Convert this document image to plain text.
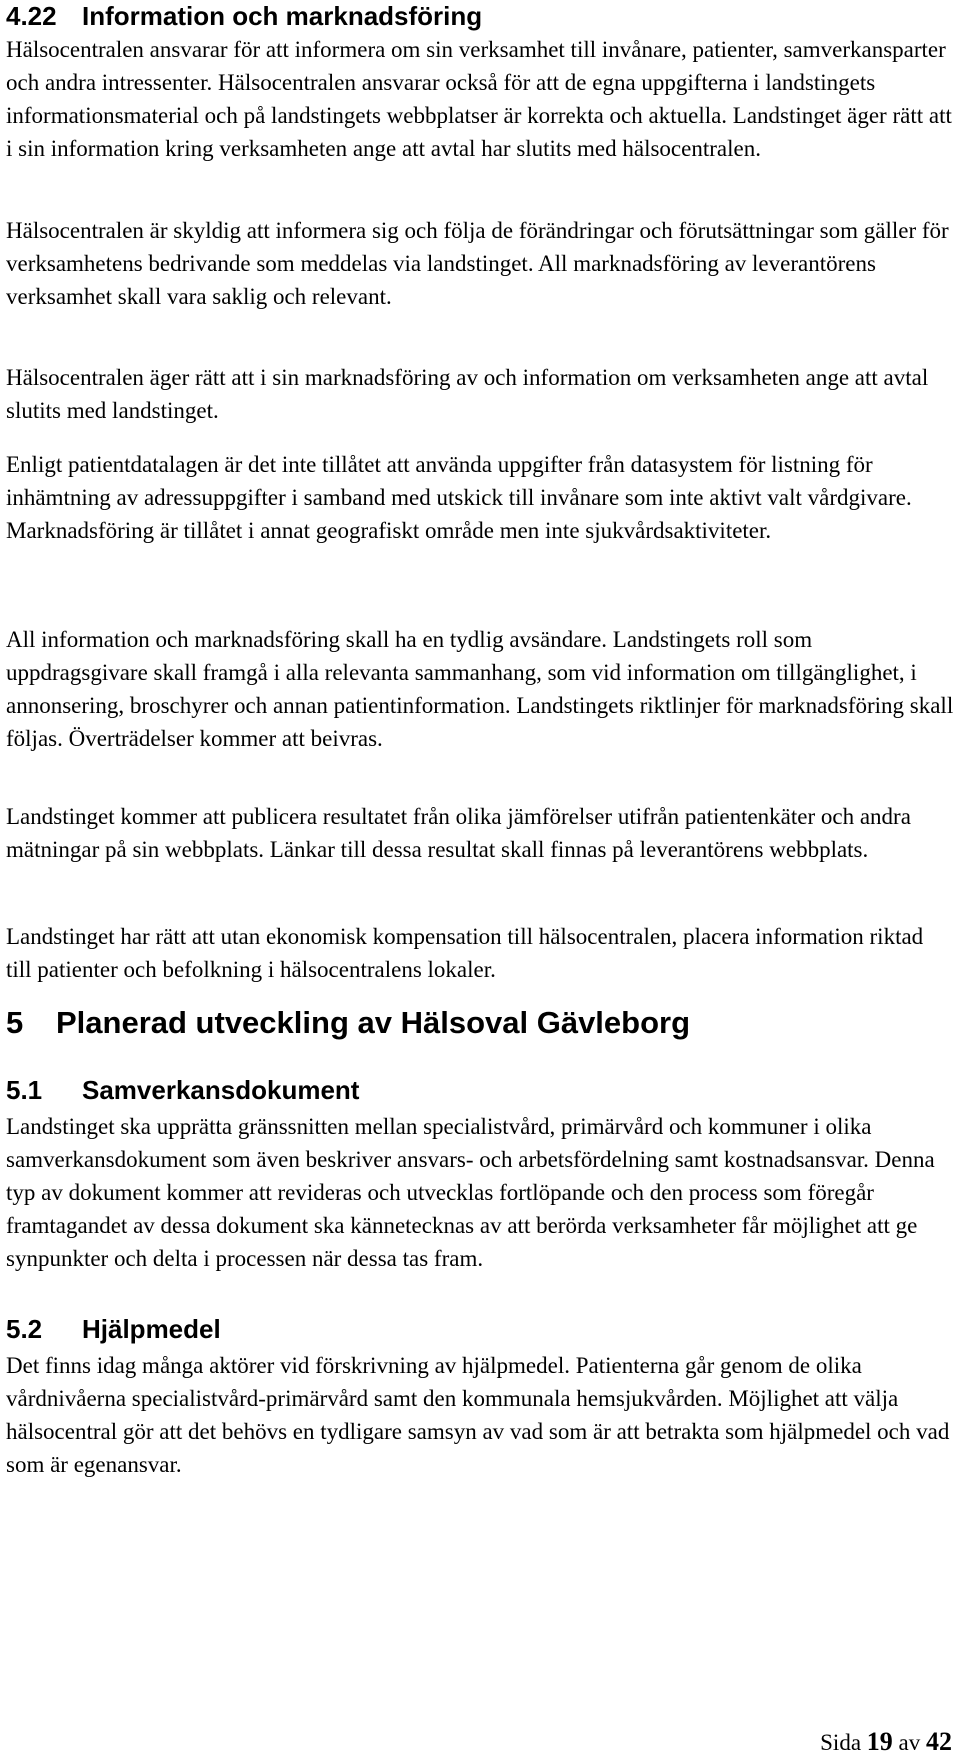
4.22 Information och marknadsföring

Hälsocentralen ansvarar för att informera om sin verksamhet till invånare, patienter, samverkansparter och andra intressenter. Hälsocentralen ansvarar också för att de egna uppgifterna i landstingets informationsmaterial och på landstingets webbplatser är korrekta och aktuella. Landstinget äger rätt att i sin information kring verksamheten ange att avtal har slutits med hälsocentralen.

Hälsocentralen är skyldig att informera sig och följa de förändringar och förutsättningar som gäller för verksamhetens bedrivande som meddelas via landstinget. All marknadsföring av leverantörens verksamhet skall vara saklig och relevant.

Hälsocentralen äger rätt att i sin marknadsföring av och information om verksamheten ange att avtal slutits med landstinget.

Enligt patientdatalagen är det inte tillåtet att använda uppgifter från datasystem för listning för inhämtning av adressuppgifter i samband med utskick till invånare som inte aktivt valt vårdgivare.

Marknadsföring är tillåtet i annat geografiskt område men inte sjukvårdsaktiviteter.

All information och marknadsföring skall ha en tydlig avsändare. Landstingets roll som uppdragsgivare skall framgå i alla relevanta sammanhang, som vid information om tillgänglighet, i annonsering, broschyrer och annan patientinformation. Landstingets riktlinjer för marknadsföring skall följas. Överträdelser kommer att beivras.

Landstinget kommer att publicera resultatet från olika jämförelser utifrån patientenkäter och andra mätningar på sin webbplats. Länkar till dessa resultat skall finnas på leverantörens webbplats.

Landstinget har rätt att utan ekonomisk kompensation till hälsocentralen, placera information riktad till patienter och befolkning i hälsocentralens lokaler.

5 Planerad utveckling av Hälsoval Gävleborg
5.1 Samverkansdokument

Landstinget ska upprätta gränssnitten mellan specialistvård, primärvård och kommuner i olika samverkansdokument som även beskriver ansvars- och arbetsfördelning samt kostnadsansvar. Denna typ av dokument kommer att revideras och utvecklas fortlöpande och den process som föregår framtagandet av dessa dokument ska kännetecknas av att berörda verksamheter får möjlighet att ge synpunkter och delta i processen när dessa tas fram.

5.2 Hjälpmedel

Det finns idag många aktörer vid förskrivning av hjälpmedel. Patienterna går genom de olika vårdnivåerna specialistvård-primärvård samt den kommunala hemsjukvården. Möjlighet att välja hälsocentral gör att det behövs en tydligare samsyn av vad som är att betrakta som hjälpmedel och vad som är egenansvar.

Sida 19 av 42
